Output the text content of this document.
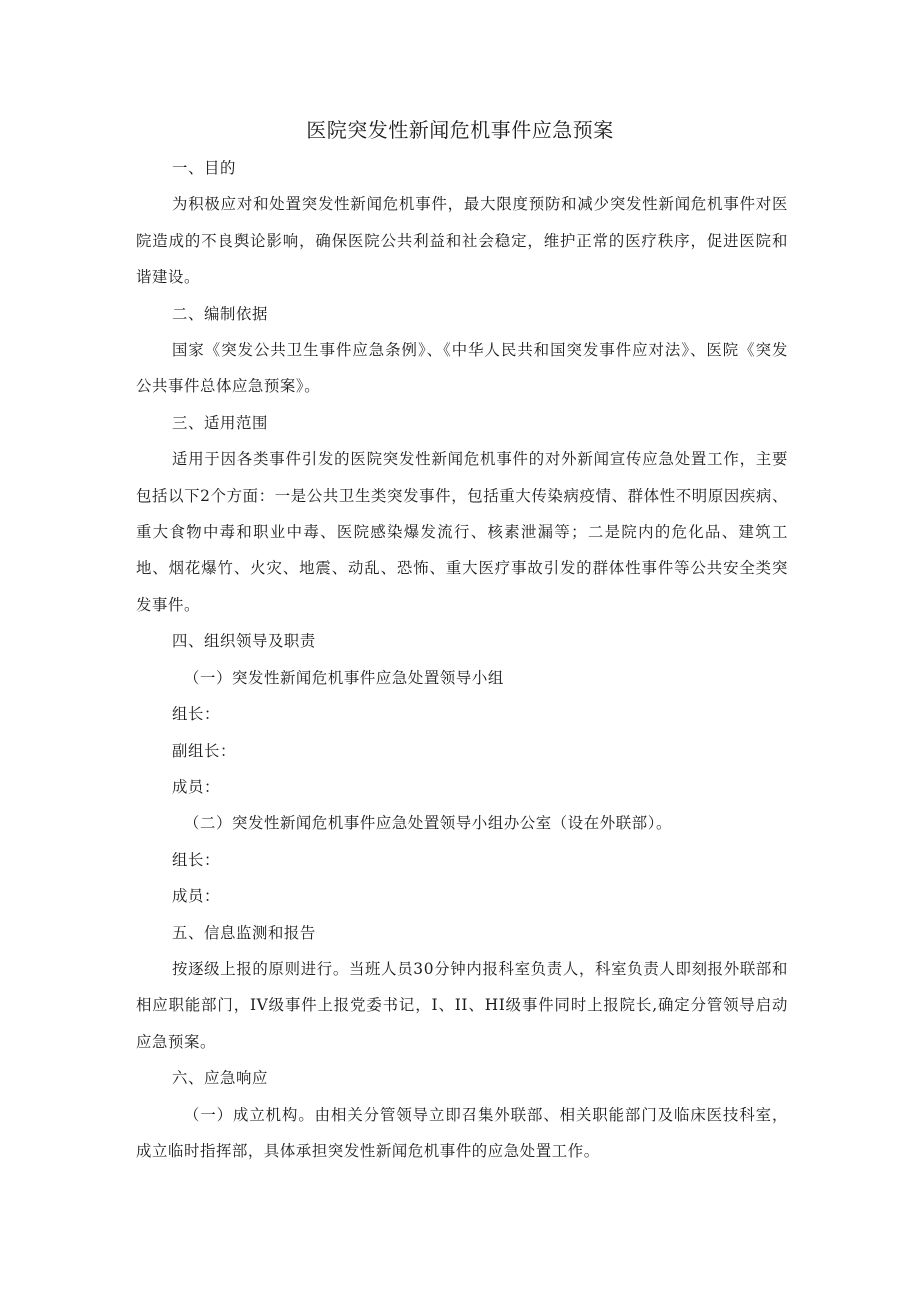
医院突发性新闻危机事件应急预案

一、目的

为积极应对和处置突发性新闻危机事件，最大限度预防和减少突发性新闻危机事件对医院造成的不良舆论影响，确保医院公共利益和社会稳定，维护正常的医疗秩序，促进医院和谐建设。

二、编制依据

国家《突发公共卫生事件应急条例》、《中华人民共和国突发事件应对法》、医院《突发公共事件总体应急预案》。

三、适用范围

适用于因各类事件引发的医院突发性新闻危机事件的对外新闻宣传应急处置工作，主要包括以下2个方面：一是公共卫生类突发事件，包括重大传染病疫情、群体性不明原因疾病、重大食物中毒和职业中毒、医院感染爆发流行、核素泄漏等；二是院内的危化品、建筑工地、烟花爆竹、火灾、地震、动乱、恐怖、重大医疗事故引发的群体性事件等公共安全类突发事件。

四、组织领导及职责

（一）突发性新闻危机事件应急处置领导小组

组长：

副组长：

成员：

（二）突发性新闻危机事件应急处置领导小组办公室（设在外联部）。

组长：

成员：

五、信息监测和报告

按逐级上报的原则进行。当班人员30分钟内报科室负责人，科室负责人即刻报外联部和相应职能部门，IV级事件上报党委书记，I、II、HI级事件同时上报院长,确定分管领导启动应急预案。

六、应急响应

（一）成立机构。由相关分管领导立即召集外联部、相关职能部门及临床医技科室，成立临时指挥部，具体承担突发性新闻危机事件的应急处置工作。
